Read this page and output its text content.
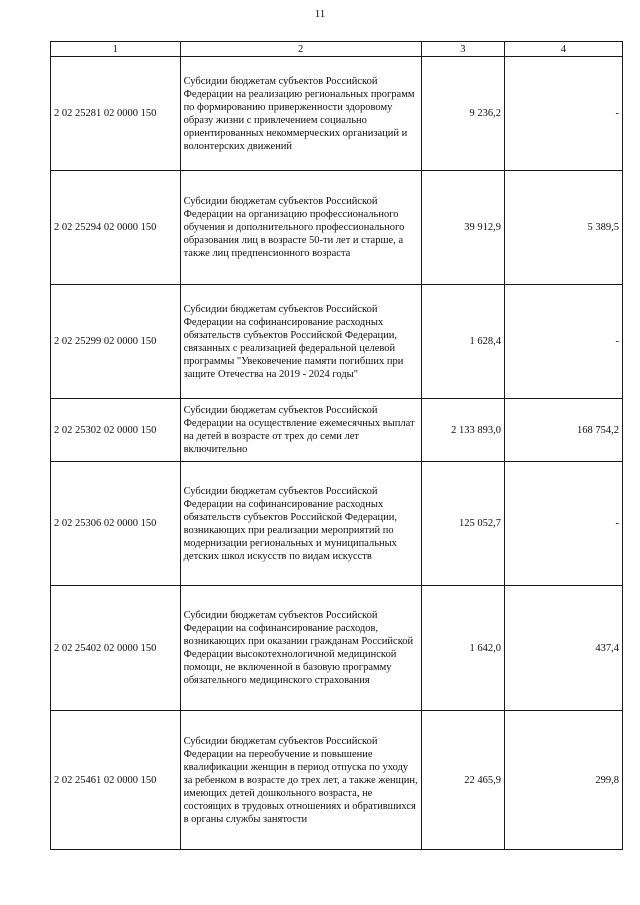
11
1	2	3	4
2 02 25281 02 0000 150	Субсидии бюджетам субъектов Российской Федерации на реализацию региональных программ по формированию приверженности здоровому образу жизни с привлечением социально ориентированных некоммерческих организаций и волонтерских движений	9 236,2	-
2 02 25294 02 0000 150	Субсидии бюджетам субъектов Российской Федерации на организацию профессионального обучения и дополнительного профессионального образования лиц в возрасте 50-ти лет и старше, а также лиц предпенсионного возраста	39 912,9	5 389,5
2 02 25299 02 0000 150	Субсидии бюджетам субъектов Российской Федерации на софинансирование расходных обязательств субъектов Российской Федерации, связанных с реализацией федеральной целевой программы "Увековечение памяти погибших при защите Отечества на 2019 - 2024 годы"	1 628,4	-
2 02 25302 02 0000 150	Субсидии бюджетам субъектов Российской Федерации на осуществление ежемесячных выплат на детей в возрасте от трех до семи лет включительно	2 133 893,0	168 754,2
2 02 25306 02 0000 150	Субсидии бюджетам субъектов Российской Федерации на софинансирование расходных обязательств субъектов Российской Федерации, возникающих при реализации мероприятий по модернизации региональных и муниципальных детских школ искусств по видам искусств	125 052,7	-
2 02 25402 02 0000 150	Субсидии бюджетам субъектов Российской Федерации на софинансирование расходов, возникающих при оказании гражданам Российской Федерации высокотехнологичной медицинской помощи, не включенной в базовую программу обязательного медицинского страхования	1 642,0	437,4
2 02 25461 02 0000 150	Субсидии бюджетам субъектов Российской Федерации на переобучение и повышение квалификации женщин в период отпуска по уходу за ребенком в возрасте до трех лет, а также женщин, имеющих детей дошкольного возраста, не состоящих в трудовых отношениях и обратившихся в органы службы занятости	22 465,9	299,8
